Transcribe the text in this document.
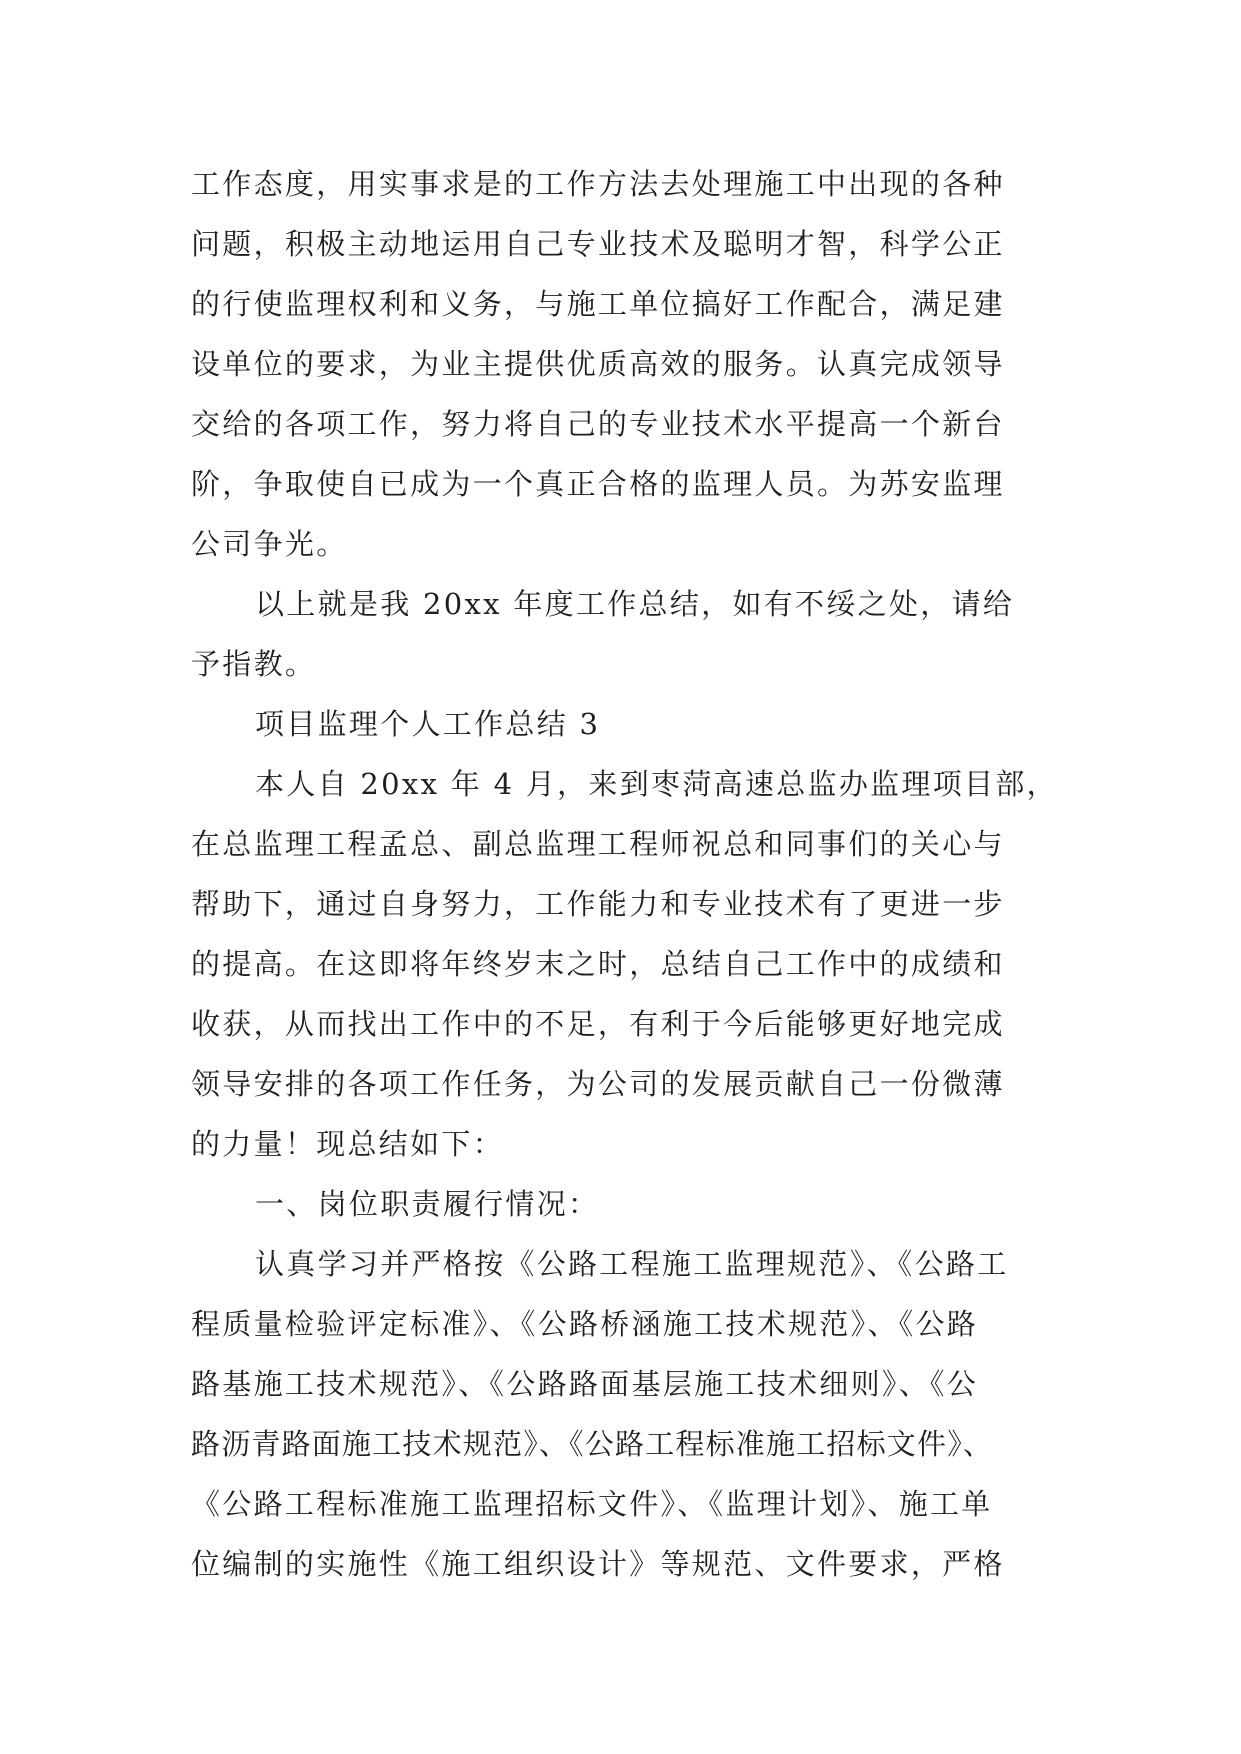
工作态度，用实事求是的工作方法去处理施工中出现的各种
问题，积极主动地运用自己专业技术及聪明才智，科学公正
的行使监理权利和义务，与施工单位搞好工作配合，满足建
设单位的要求，为业主提供优质高效的服务。认真完成领导
交给的各项工作，努力将自己的专业技术水平提高一个新台
阶，争取使自已成为一个真正合格的监理人员。为苏安监理
公司争光。
以上就是我 20xx 年度工作总结，如有不绥之处，请给
予指教。
项目监理个人工作总结 3
本人自 20xx 年 4 月，来到枣菏高速总监办监理项目部，
在总监理工程孟总、副总监理工程师祝总和同事们的关心与
帮助下，通过自身努力，工作能力和专业技术有了更进一步
的提高。在这即将年终岁末之时，总结自己工作中的成绩和
收获，从而找出工作中的不足，有利于今后能够更好地完成
领导安排的各项工作任务，为公司的发展贡献自己一份微薄
的力量！现总结如下：
一、岗位职责履行情况：
认真学习并严格按《公路工程施工监理规范》、《公路工
程质量检验评定标准》、《公路桥涵施工技术规范》、《公路
路基施工技术规范》、《公路路面基层施工技术细则》、《公
路沥青路面施工技术规范》、《公路工程标准施工招标文件》、
《公路工程标准施工监理招标文件》、《监理计划》、施工单
位编制的实施性《施工组织设计》等规范、文件要求，严格
